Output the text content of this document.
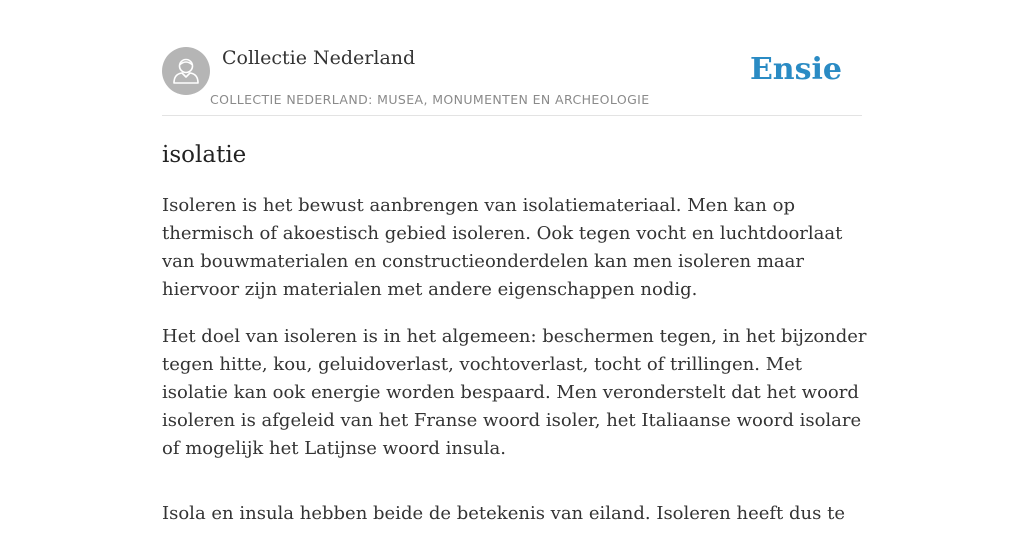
Collectie Nederland
COLLECTIE NEDERLAND: MUSEA, MONUMENTEN EN ARCHEOLOGIE
Ensie
isolatie

Isoleren is het bewust aanbrengen van isolatiemateriaal. Men kan op thermisch of akoestisch gebied isoleren. Ook tegen vocht en luchtdoorlaat van bouwmaterialen en constructieonderdelen kan men isoleren maar hiervoor zijn materialen met andere eigenschappen nodig.

Het doel van isoleren is in het algemeen: beschermen tegen, in het bijzonder tegen hitte, kou, geluidoverlast, vochtoverlast, tocht of trillingen. Met isolatie kan ook energie worden bespaard. Men veronderstelt dat het woord isoleren is afgeleid van het Franse woord isoler, het Italiaanse woord isolare of mogelijk het Latijnse woord insula.

Isola en insula hebben beide de betekenis van eiland. Isoleren heeft dus te
